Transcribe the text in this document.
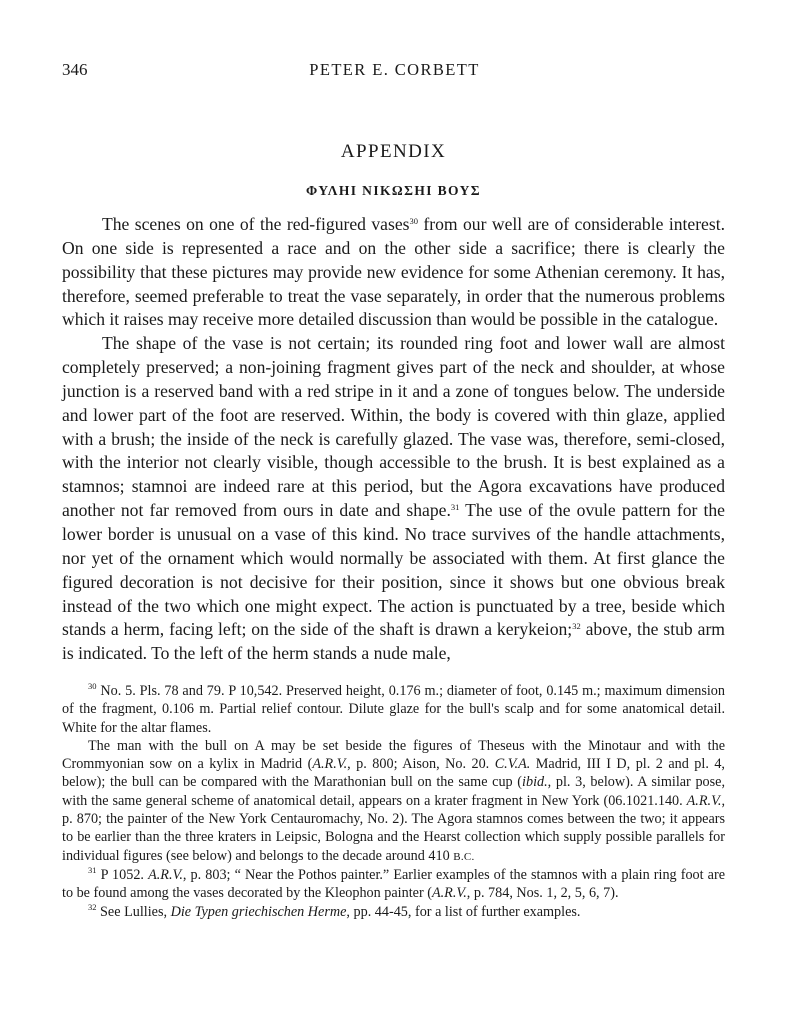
346	PETER E. CORBETT
APPENDIX
ΦΥΛΗΙ ΝΙΚΩΣΗΙ ΒΟΥΣ

The scenes on one of the red-figured vases$^{30}$ from our well are of considerable interest. On one side is represented a race and on the other side a sacrifice; there is clearly the possibility that these pictures may provide new evidence for some Athenian ceremony. It has, therefore, seemed preferable to treat the vase separately, in order that the numerous problems which it raises may receive more detailed discussion than would be possible in the catalogue.

The shape of the vase is not certain; its rounded ring foot and lower wall are almost completely preserved; a non-joining fragment gives part of the neck and shoulder, at whose junction is a reserved band with a red stripe in it and a zone of tongues below. The underside and lower part of the foot are reserved. Within, the body is covered with thin glaze, applied with a brush; the inside of the neck is carefully glazed. The vase was, therefore, semi-closed, with the interior not clearly visible, though accessible to the brush. It is best explained as a stamnos; stamnoi are indeed rare at this period, but the Agora excavations have produced another not far removed from ours in date and shape.$^{31}$ The use of the ovule pattern for the lower border is unusual on a vase of this kind. No trace survives of the handle attachments, nor yet of the ornament which would normally be associated with them. At first glance the figured decoration is not decisive for their position, since it shows but one obvious break instead of the two which one might expect. The action is punctuated by a tree, beside which stands a herm, facing left; on the side of the shaft is drawn a kerykeion;$^{32}$ above, the stub arm is indicated. To the left of the herm stands a nude male,

$^{30}$ No. 5. Pls. 78 and 79. P 10,542. Preserved height, 0.176 m.; diameter of foot, 0.145 m.; maximum dimension of the fragment, 0.106 m. Partial relief contour. Dilute glaze for the bull's scalp and for some anatomical detail. White for the altar flames.

The man with the bull on A may be set beside the figures of Theseus with the Minotaur and with the Crommyonian sow on a kylix in Madrid (A.R.V., p. 800; Aison, No. 20. C.V.A. Madrid, III I D, pl. 2 and pl. 4, below); the bull can be compared with the Marathonian bull on the same cup (ibid., pl. 3, below). A similar pose, with the same general scheme of anatomical detail, appears on a krater fragment in New York (06.1021.140. A.R.V., p. 870; the painter of the New York Centauromachy, No. 2). The Agora stamnos comes between the two; it appears to be earlier than the three kraters in Leipsic, Bologna and the Hearst collection which supply possible parallels for individual figures (see below) and belongs to the decade around 410 B.C.

$^{31}$ P 1052. A.R.V., p. 803; “ Near the Pothos painter.” Earlier examples of the stamnos with a plain ring foot are to be found among the vases decorated by the Kleophon painter (A.R.V., p. 784, Nos. 1, 2, 5, 6, 7).

$^{32}$ See Lullies, Die Typen griechischen Herme, pp. 44-45, for a list of further examples.
